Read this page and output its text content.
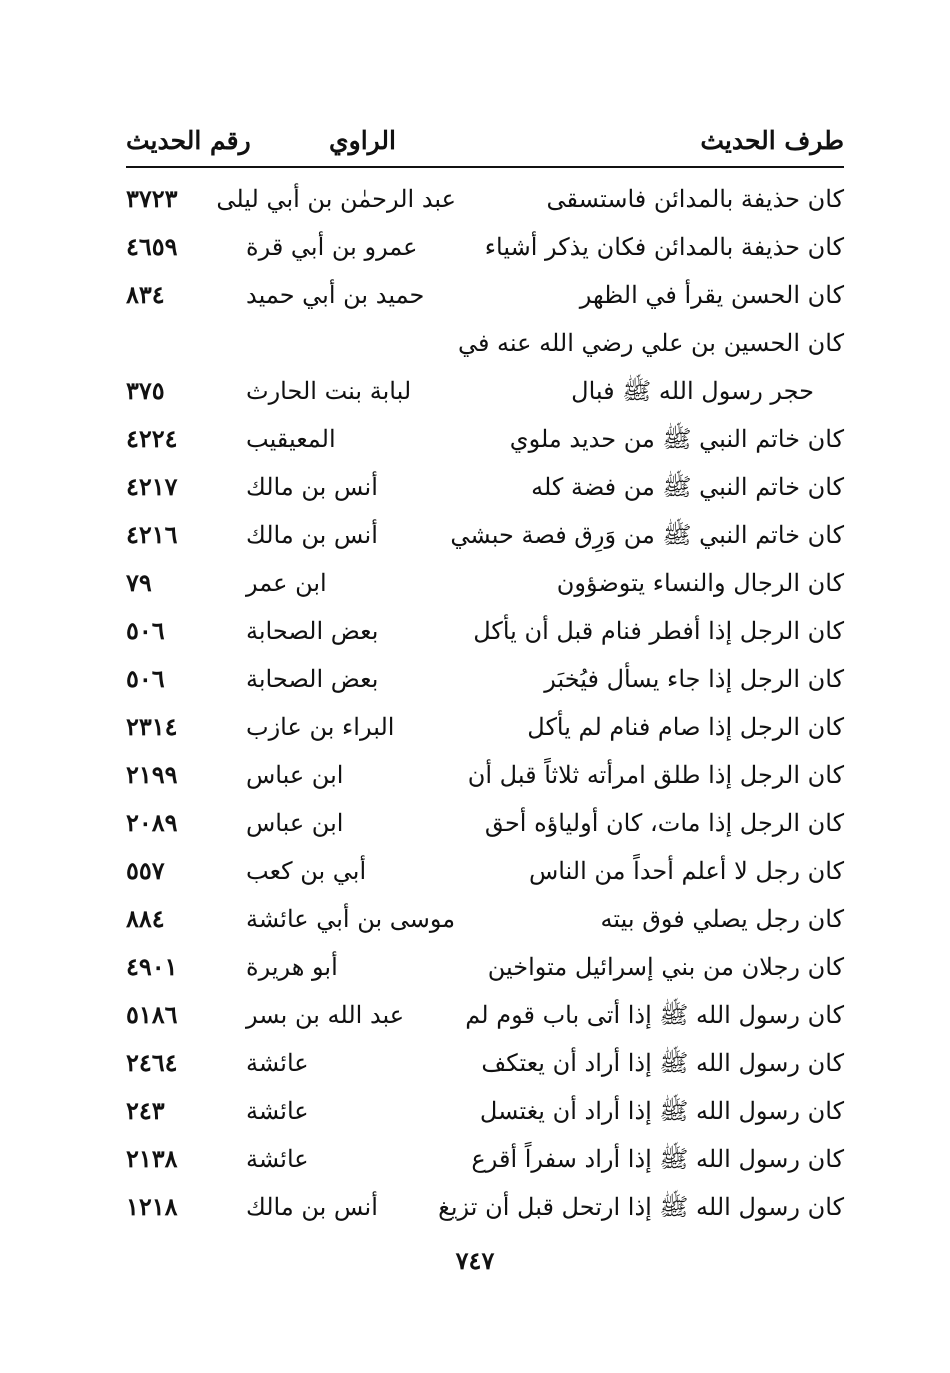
طرف الحديث
الراوي
رقم الحديث
كان حذيفة بالمدائن فاستسقى
عبد الرحمٰن بن أبي ليلى
٣٧٢٣
كان حذيفة بالمدائن فكان يذكر أشياء
عمرو بن أبي قرة
٤٦٥٩
كان الحسن يقرأ في الظهر
حميد بن أبي حميد
٨٣٤
كان الحسين بن علي رضي الله عنه في
حجر رسول الله ﷺ فبال
لبابة بنت الحارث
٣٧٥
كان خاتم النبي ﷺ من حديد ملوي
المعيقيب
٤٢٢٤
كان خاتم النبي ﷺ من فضة كله
أنس بن مالك
٤٢١٧
كان خاتم النبي ﷺ من وَرِق فصة حبشي
أنس بن مالك
٤٢١٦
كان الرجال والنساء يتوضؤون
ابن عمر
٧٩
كان الرجل إذا أفطر فنام قبل أن يأكل
بعض الصحابة
٥٠٦
كان الرجل إذا جاء يسأل فيُخبَر
بعض الصحابة
٥٠٦
كان الرجل إذا صام فنام لم يأكل
البراء بن عازب
٢٣١٤
كان الرجل إذا طلق امرأته ثلاثاً قبل أن
ابن عباس
٢١٩٩
كان الرجل إذا مات، كان أولياؤه أحق
ابن عباس
٢٠٨٩
كان رجل لا أعلم أحداً من الناس
أبي بن كعب
٥٥٧
كان رجل يصلي فوق بيته
موسى بن أبي عائشة
٨٨٤
كان رجلان من بني إسرائيل متواخين
أبو هريرة
٤٩٠١
كان رسول الله ﷺ إذا أتى باب قوم لم
عبد الله بن بسر
٥١٨٦
كان رسول الله ﷺ إذا أراد أن يعتكف
عائشة
٢٤٦٤
كان رسول الله ﷺ إذا أراد أن يغتسل
عائشة
٢٤٣
كان رسول الله ﷺ إذا أراد سفراً أقرع
عائشة
٢١٣٨
كان رسول الله ﷺ إذا ارتحل قبل أن تزيغ
أنس بن مالك
١٢١٨
٧٤٧
